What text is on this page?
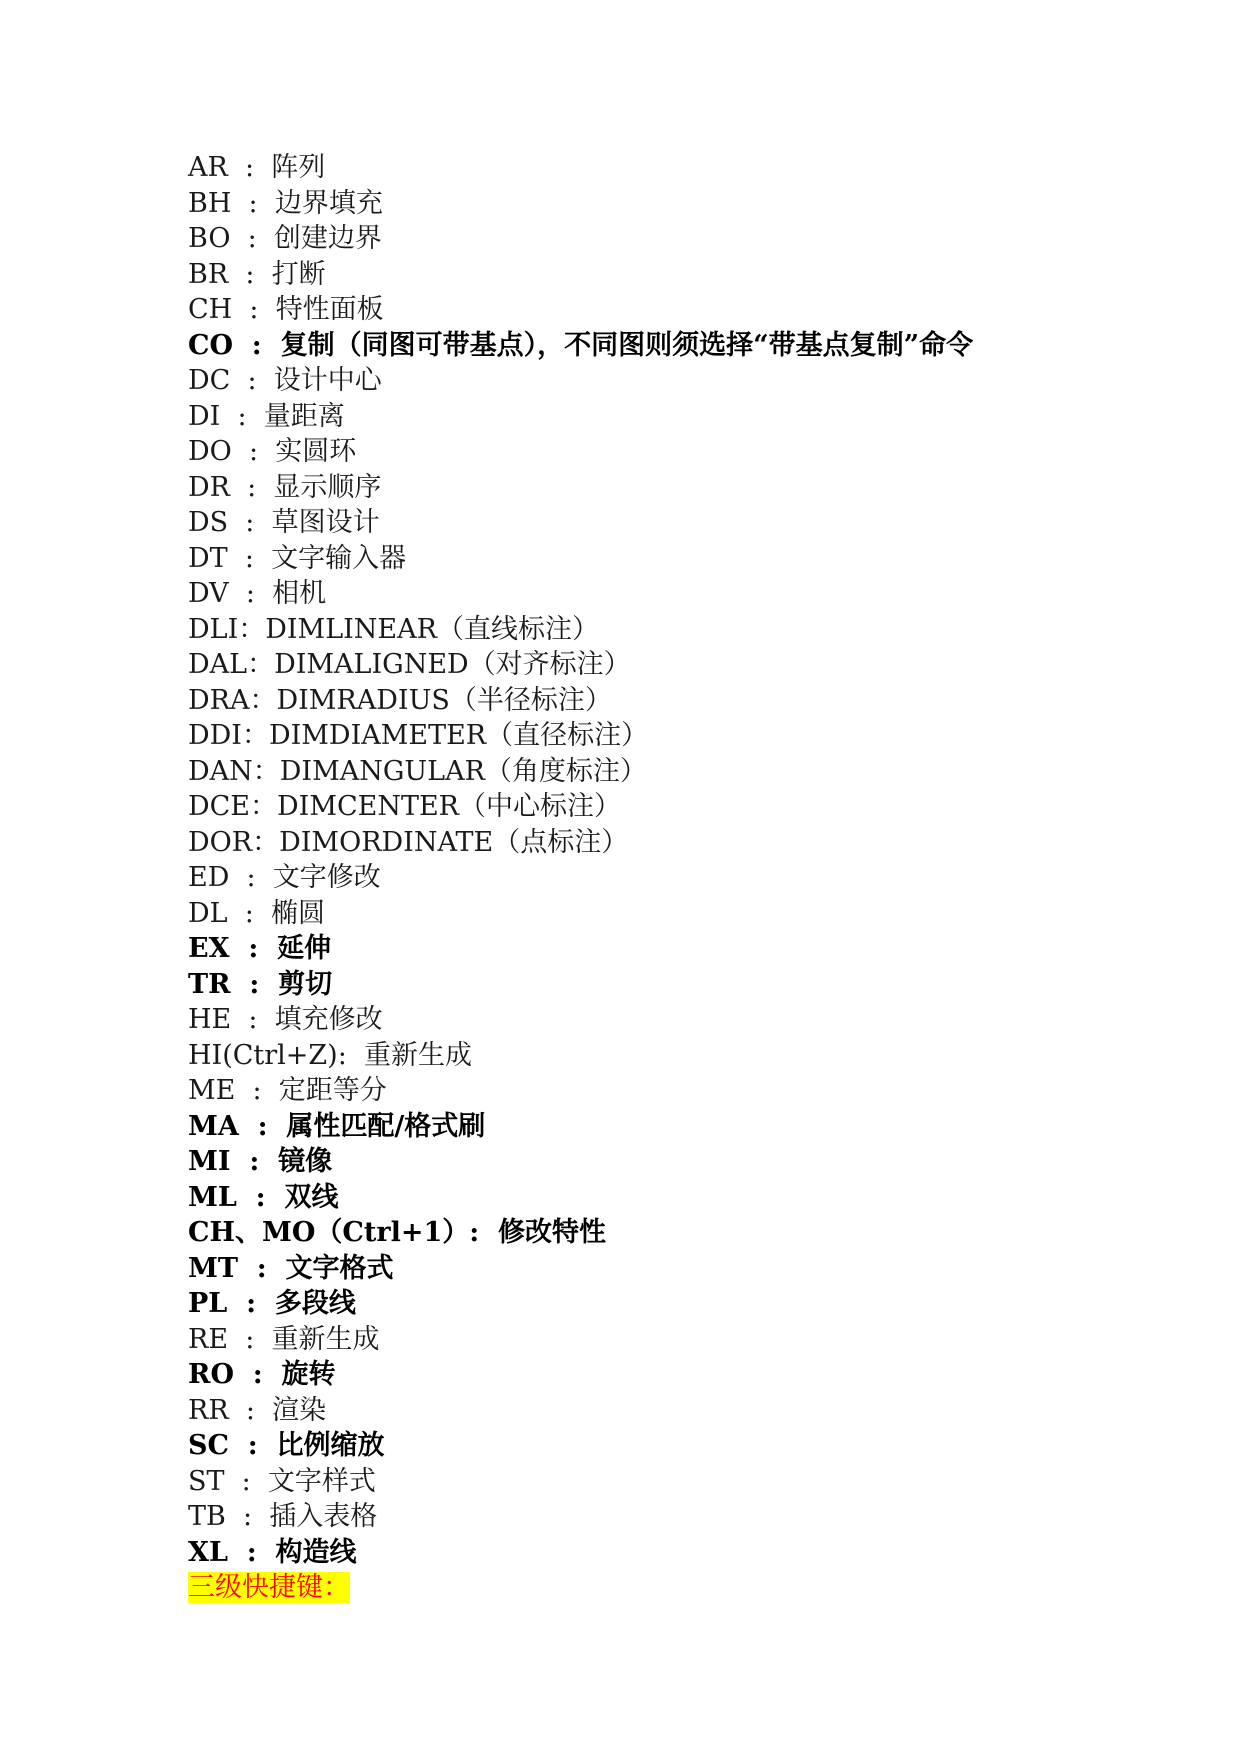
AR  :  阵列
BH  :  边界填充
BO  :  创建边界
BR  :  打断
CH  :  特性面板
CO  :  复制（同图可带基点），不同图则须选择“带基点复制”命令
DC  :  设计中心
DI  :  量距离
DO  :  实圆环
DR  :  显示顺序
DS  :  草图设计
DT  :  文字输入器
DV  :  相机
DLI：DIMLINEAR（直线标注）
DAL：DIMALIGNED（对齐标注）
DRA：DIMRADIUS（半径标注）
DDI：DIMDIAMETER（直径标注）
DAN：DIMANGULAR（角度标注）
DCE：DIMCENTER（中心标注）
DOR：DIMORDINATE（点标注）
ED  :  文字修改
DL  :  椭圆
EX  :  延伸
TR  :  剪切
HE  :  填充修改
HI(Ctrl+Z):  重新生成
ME  :  定距等分
MA  :  属性匹配/格式刷
MI  :  镜像
ML  :  双线
CH、MO（Ctrl+1）:  修改特性
MT  :  文字格式
PL  :  多段线
RE  :  重新生成
RO  :  旋转
RR  :  渲染
SC  :  比例缩放
ST  :  文字样式
TB  :  插入表格
XL  :  构造线
三级快捷键：
